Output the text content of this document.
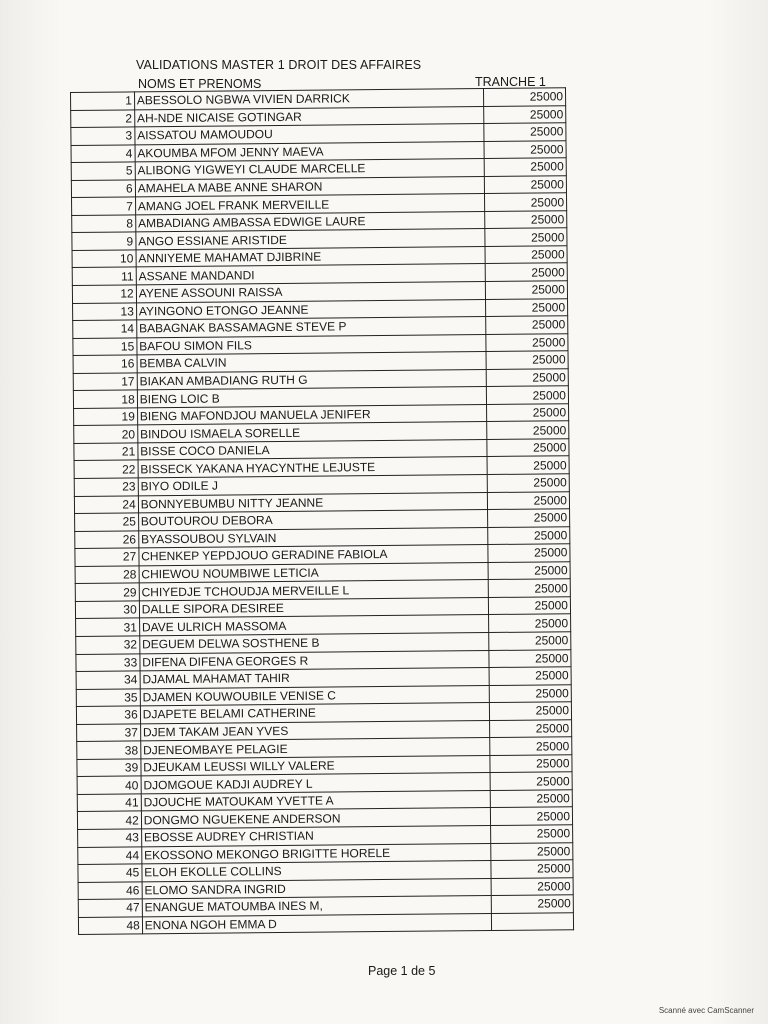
VALIDATIONS MASTER 1 DROIT DES AFFAIRES
NOMS ET PRENOMS	TRANCHE 1
1	ABESSOLO NGBWA VIVIEN DARRICK	25000
2	AH-NDE NICAISE GOTINGAR	25000
3	AISSATOU MAMOUDOU	25000
4	AKOUMBA MFOM JENNY MAEVA	25000
5	ALIBONG YIGWEYI CLAUDE MARCELLE	25000
6	AMAHELA MABE ANNE SHARON	25000
7	AMANG JOEL FRANK MERVEILLE	25000
8	AMBADIANG AMBASSA EDWIGE LAURE	25000
9	ANGO ESSIANE ARISTIDE	25000
10	ANNIYEME MAHAMAT DJIBRINE	25000
11	ASSANE MANDANDI	25000
12	AYENE ASSOUNI RAISSA	25000
13	AYINGONO ETONGO JEANNE	25000
14	BABAGNAK BASSAMAGNE STEVE P	25000
15	BAFOU SIMON FILS	25000
16	BEMBA CALVIN	25000
17	BIAKAN AMBADIANG RUTH G	25000
18	BIENG LOIC B	25000
19	BIENG MAFONDJOU MANUELA JENIFER	25000
20	BINDOU ISMAELA SORELLE	25000
21	BISSE COCO DANIELA	25000
22	BISSECK YAKANA HYACYNTHE LEJUSTE	25000
23	BIYO ODILE J	25000
24	BONNYEBUMBU NITTY JEANNE	25000
25	BOUTOUROU DEBORA	25000
26	BYASSOUBOU SYLVAIN	25000
27	CHENKEP YEPDJOUO GERADINE FABIOLA	25000
28	CHIEWOU NOUMBIWE LETICIA	25000
29	CHIYEDJE TCHOUDJA MERVEILLE L	25000
30	DALLE SIPORA DESIREE	25000
31	DAVE ULRICH MASSOMA	25000
32	DEGUEM DELWA SOSTHENE B	25000
33	DIFENA DIFENA GEORGES R	25000
34	DJAMAL MAHAMAT TAHIR	25000
35	DJAMEN KOUWOUBILE VENISE C	25000
36	DJAPETE BELAMI CATHERINE	25000
37	DJEM TAKAM JEAN YVES	25000
38	DJENEOMBAYE PELAGIE	25000
39	DJEUKAM LEUSSI WILLY VALERE	25000
40	DJOMGOUE KADJI AUDREY L	25000
41	DJOUCHE MATOUKAM YVETTE A	25000
42	DONGMO NGUEKENE ANDERSON	25000
43	EBOSSE AUDREY CHRISTIAN	25000
44	EKOSSONO MEKONGO BRIGITTE HORELE	25000
45	ELOH EKOLLE COLLINS	25000
46	ELOMO SANDRA INGRID	25000
47	ENANGUE MATOUMBA INES M,	25000
48	ENONA NGOH EMMA D	
Page 1 de 5
Scanné avec CamScanner
